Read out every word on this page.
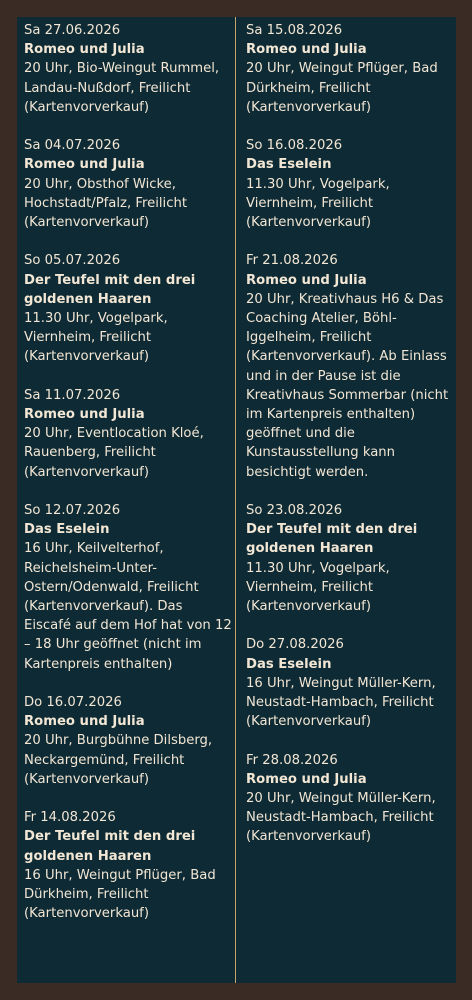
Sa 27.06.2026
Romeo und Julia
20 Uhr, Bio-Weingut Rummel, Landau-Nußdorf, Freilicht (Kartenvorverkauf)
Sa 04.07.2026
Romeo und Julia
20 Uhr, Obsthof Wicke, Hochstadt/Pfalz, Freilicht (Kartenvorverkauf)
So 05.07.2026
Der Teufel mit den drei goldenen Haaren
11.30 Uhr, Vogelpark, Viernheim, Freilicht (Kartenvorverkauf)
Sa 11.07.2026
Romeo und Julia
20 Uhr, Eventlocation Kloé, Rauenberg, Freilicht (Kartenvorverkauf)
So 12.07.2026
Das Eselein
16 Uhr, Keilvelterhof, Reichelsheim-Unter-Ostern/Odenwald, Freilicht (Kartenvorverkauf). Das Eiscafé auf dem Hof hat von 12 – 18 Uhr geöffnet (nicht im Kartenpreis enthalten)
Do 16.07.2026
Romeo und Julia
20 Uhr, Burgbühne Dilsberg, Neckargemünd, Freilicht (Kartenvorverkauf)
Fr 14.08.2026
Der Teufel mit den drei goldenen Haaren
16 Uhr, Weingut Pflüger, Bad Dürkheim, Freilicht (Kartenvorverkauf)
Sa 15.08.2026
Romeo und Julia
20 Uhr, Weingut Pflüger, Bad Dürkheim, Freilicht (Kartenvorverkauf)
So 16.08.2026
Das Eselein
11.30 Uhr, Vogelpark, Viernheim, Freilicht (Kartenvorverkauf)
Fr 21.08.2026
Romeo und Julia
20 Uhr, Kreativhaus H6 & Das Coaching Atelier, Böhl-Iggelheim, Freilicht (Kartenvorverkauf). Ab Einlass und in der Pause ist die Kreativhaus Sommerbar (nicht im Kartenpreis enthalten) geöffnet und die Kunstausstellung kann besichtigt werden.
So 23.08.2026
Der Teufel mit den drei goldenen Haaren
11.30 Uhr, Vogelpark, Viernheim, Freilicht (Kartenvorverkauf)
Do 27.08.2026
Das Eselein
16 Uhr, Weingut Müller-Kern, Neustadt-Hambach, Freilicht (Kartenvorverkauf)
Fr 28.08.2026
Romeo und Julia
20 Uhr, Weingut Müller-Kern, Neustadt-Hambach, Freilicht (Kartenvorverkauf)
